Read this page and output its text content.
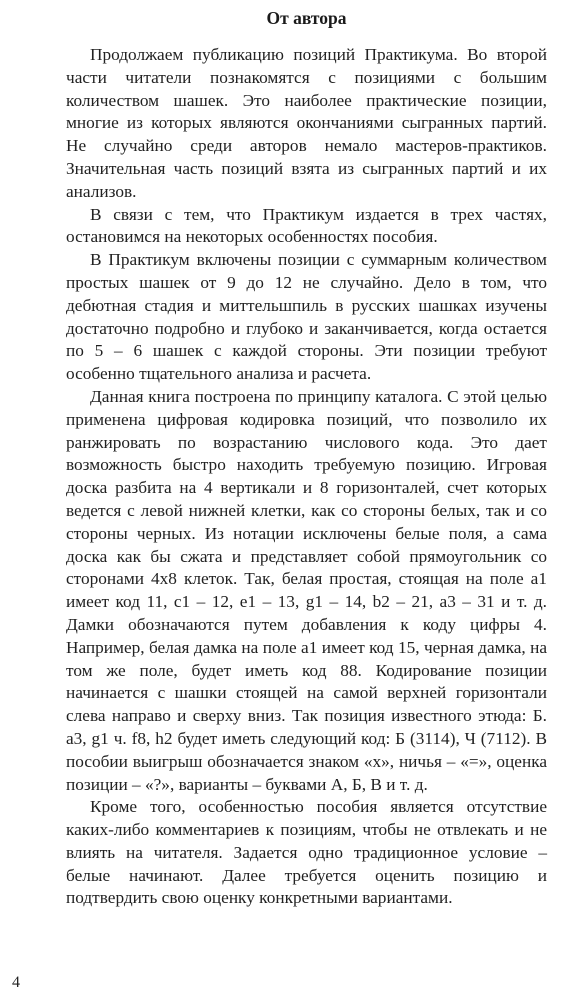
От автора

Продолжаем публикацию позиций Практикума. Во второй части читатели познакомятся с позициями с большим количеством шашек. Это наиболее практические позиции, многие из которых являются окончаниями сыгранных партий. Не случайно среди авторов немало мастеров-практиков. Значительная часть позиций взята из сыгранных партий и их анализов.

В связи с тем, что Практикум издается в трех частях, остановимся на некоторых особенностях пособия.

В Практикум включены позиции с суммарным количеством простых шашек от 9 до 12 не случайно. Дело в том, что дебютная стадия и миттельшпиль в русских шашках изучены достаточно подробно и глубоко и заканчивается, когда остается по 5 – 6 шашек с каждой стороны. Эти позиции требуют особенно тщательного анализа и расчета.

Данная книга построена по принципу каталога. С этой целью применена цифровая кодировка позиций, что позволило их ранжировать по возрастанию числового кода. Это дает возможность быстро находить требуемую позицию. Игровая доска разбита на 4 вертикали и 8 горизонталей, счет которых ведется с левой нижней клетки, как со стороны белых, так и со стороны черных. Из нотации исключены белые поля, а сама доска как бы сжата и представляет собой прямоугольник со сторонами 4x8 клеток. Так, белая простая, стоящая на поле a1 имеет код 11, c1 – 12, e1 – 13, g1 – 14, b2 – 21, a3 – 31 и т. д. Дамки обозначаются путем добавления к коду цифры 4. Например, белая дамка на поле a1 имеет код 15, черная дамка, на том же поле, будет иметь код 88. Кодирование позиции начинается с шашки стоящей на самой верхней горизонтали слева направо и сверху вниз. Так позиция известного этюда: Б. a3, g1 ч. f8, h2 будет иметь следующий код: Б (3114), Ч (7112). В пособии выигрыш обозначается знаком «x», ничья – «=», оценка позиции – «?», варианты – буквами А, Б, В и т. д.

Кроме того, особенностью пособия является отсутствие каких-либо комментариев к позициям, чтобы не отвлекать и не влиять на читателя. Задается одно традиционное условие – белые начинают. Далее требуется оценить позицию и подтвердить свою оценку конкретными вариантами.

4
